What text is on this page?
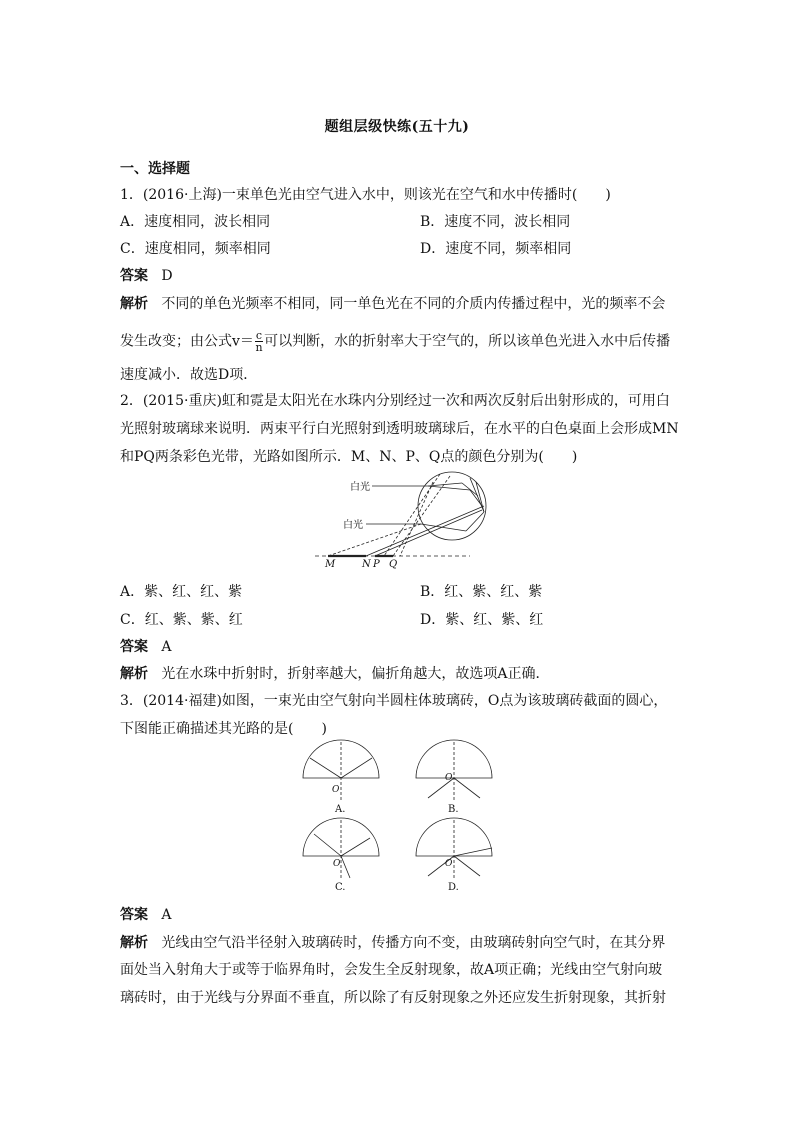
题组层级快练(五十九)
一、选择题
1．(2016·上海)一束单色光由空气进入水中，则该光在空气和水中传播时(　　)
A．速度相同，波长相同	B．速度不同，波长相同
C．速度相同，频率相同	D．速度不同，频率相同
答案 D
解析 不同的单色光频率不相同，同一单色光在不同的介质内传播过程中，光的频率不会
发生改变；由公式$v= \frac{c}{n}$ 可以判断，水的折射率大于空气的，所以该单色光进入水中后传播
速度减小．故选D项．
2．(2015·重庆)虹和霓是太阳光在水珠内分别经过一次和两次反射后出射形成的，可用白
光照射玻璃球来说明．两束平行白光照射到透明玻璃球后，在水平的白色桌面上会形成MN
和PQ两条彩色光带，光路如图所示．M、N、P、Q点的颜色分别为(　　)
白光
白光
M	N P Q
A．紫、红、红、紫	B．红、紫、红、紫
C．红、紫、紫、红	D．紫、红、紫、红
答案 A
解析 光在水珠中折射时，折射率越大，偏折角越大，故选项A正确．
3．(2014·福建)如图，一束光由空气射向半圆柱体玻璃砖，O点为该玻璃砖截面的圆心，
下图能正确描述其光路的是(　　)
O
O
O	O
A.	B.
C.	D.
答案 A
解析 光线由空气沿半径射入玻璃砖时，传播方向不变，由玻璃砖射向空气时，在其分界
面处当入射角大于或等于临界角时，会发生全反射现象，故A项正确；光线由空气射向玻
璃砖时，由于光线与分界面不垂直，所以除了有反射现象之外还应发生折射现象，其折射
